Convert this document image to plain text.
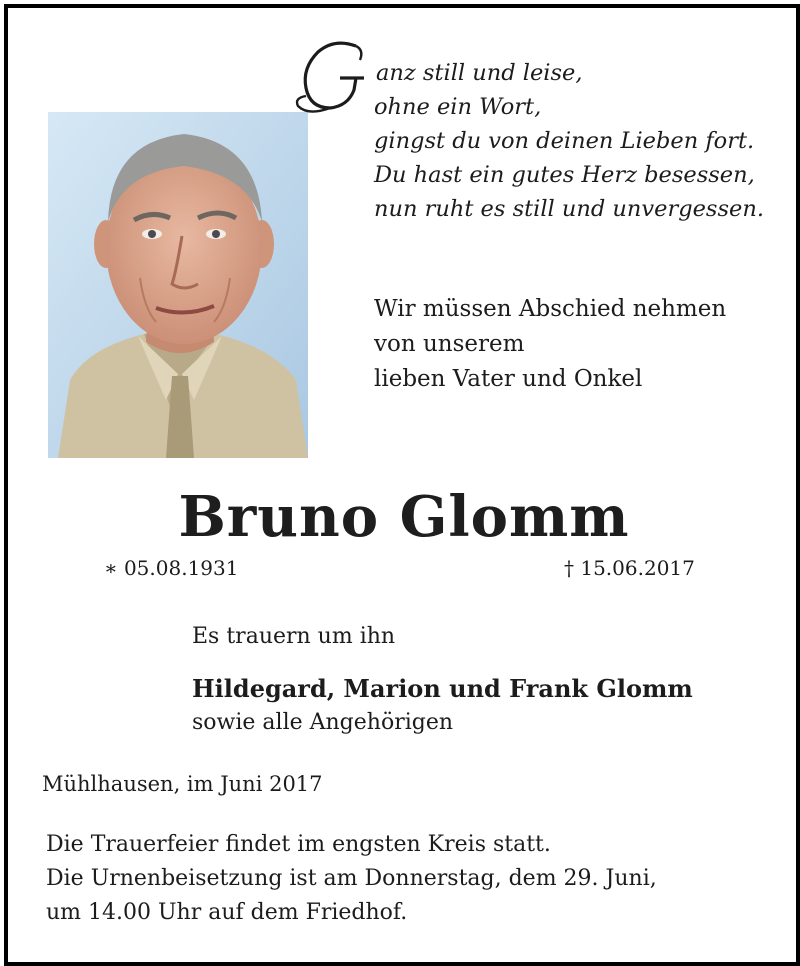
G
anz still und leise,
ohne ein Wort,
gingst du von deinen Lieben fort.
Du hast ein gutes Herz besessen,
nun ruht es still und unvergessen.
Wir müssen Abschied nehmen
von unserem
lieben Vater und Onkel
Bruno Glomm
∗ 05.08.1931	† 15.06.2017
Es trauern um ihn
Hildegard, Marion und Frank Glomm
sowie alle Angehörigen
Mühlhausen, im Juni 2017
Die Trauerfeier findet im engsten Kreis statt.
Die Urnenbeisetzung ist am Donnerstag, dem 29. Juni,
um 14.00 Uhr auf dem Friedhof.
